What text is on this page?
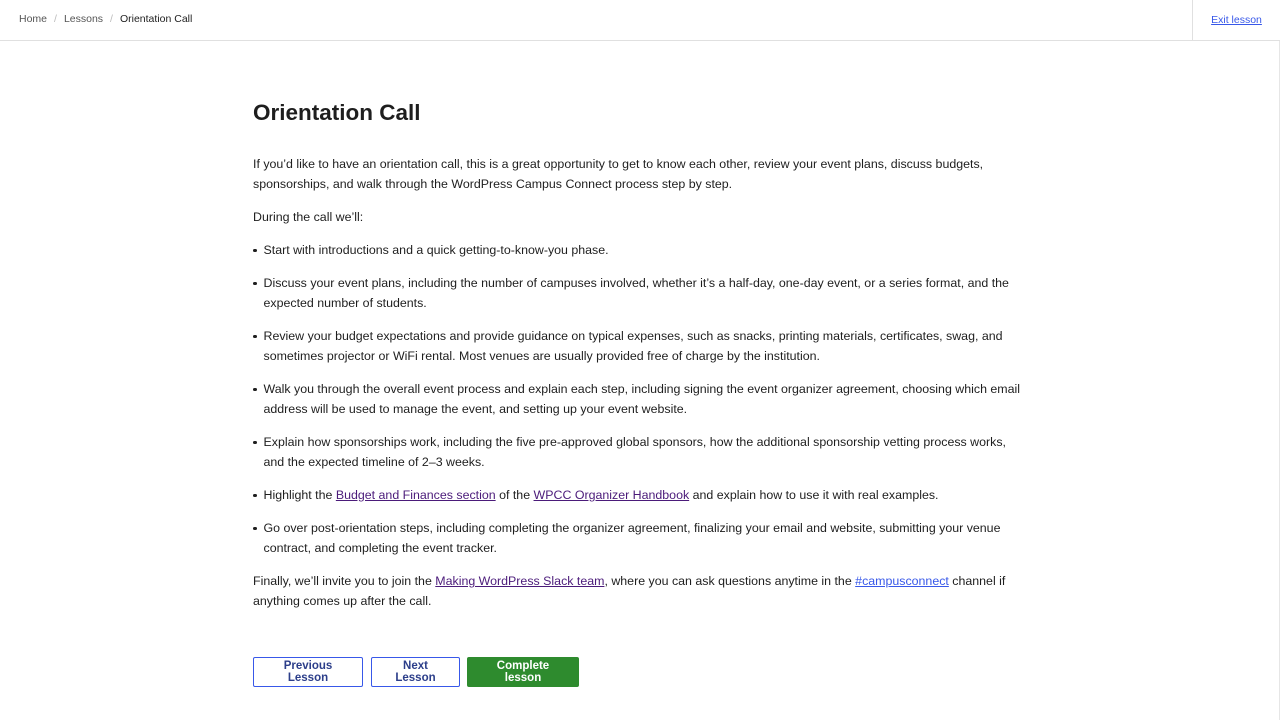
Home / Lessons / Orientation Call	Exit lesson
Orientation Call

If you’d like to have an orientation call, this is a great opportunity to get to know each other, review your event plans, discuss budgets, sponsorships, and walk through the WordPress Campus Connect process step by step.

During the call we’ll:

Start with introductions and a quick getting-to-know-you phase.
Discuss your event plans, including the number of campuses involved, whether it’s a half-day, one-day event, or a series format, and the expected number of students.
Review your budget expectations and provide guidance on typical expenses, such as snacks, printing materials, certificates, swag, and sometimes projector or WiFi rental. Most venues are usually provided free of charge by the institution.
Walk you through the overall event process and explain each step, including signing the event organizer agreement, choosing which email address will be used to manage the event, and setting up your event website.
Explain how sponsorships work, including the five pre-approved global sponsors, how the additional sponsorship vetting process works, and the expected timeline of 2–3 weeks.
Highlight the Budget and Finances section of the WPCC Organizer Handbook and explain how to use it with real examples.
Go over post-orientation steps, including completing the organizer agreement, finalizing your email and website, submitting your venue contract, and completing the event tracker.

Finally, we’ll invite you to join the Making WordPress Slack team, where you can ask questions anytime in the #campusconnect channel if anything comes up after the call.

Previous Lesson
Next Lesson
Complete lesson
